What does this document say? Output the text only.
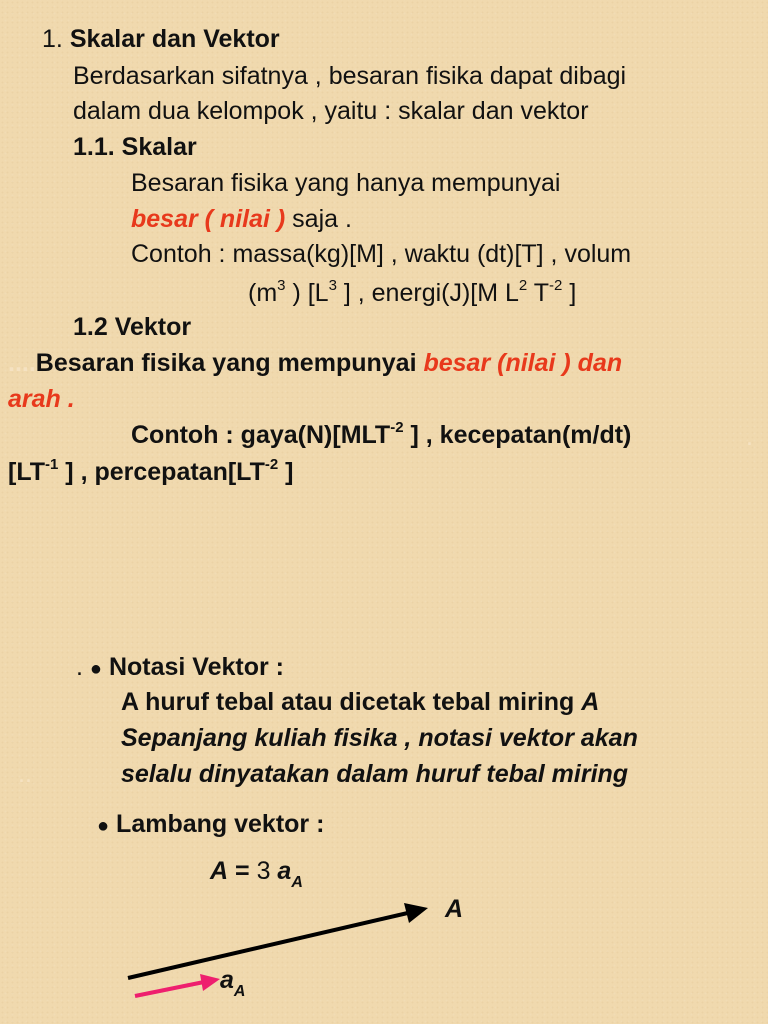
1. Skalar dan Vektor
Berdasarkan sifatnya , besaran fisika dapat dibagi
dalam dua kelompok , yaitu : skalar dan vektor
1.1. Skalar
Besaran fisika yang hanya mempunyai
besar ( nilai ) saja .
Contoh : massa(kg)[M] , waktu (dt)[T] , volum
($m^3$ ) [$L^3$ ] , energi(J)[M $L^2$ $T^{-2}$ ]
1.2 Vektor
....Besaran fisika yang mempunyai besar (nilai ) dan
arah .
Contoh : $gaya(N)[MLT^{-2}$ ] , kecepatan(m/dt)	.
[$LT^{-1}$ ] , $percepatan[LT^{-2}$ ]
. ● Notasi Vektor :
A huruf tebal atau dicetak tebal miring A
Sepanjang kuliah fisika , notasi vektor akan
..	selalu dinyatakan dalam huruf tebal miring
● Lambang vektor :
A = 3 $a_A$
A
$a_A$
